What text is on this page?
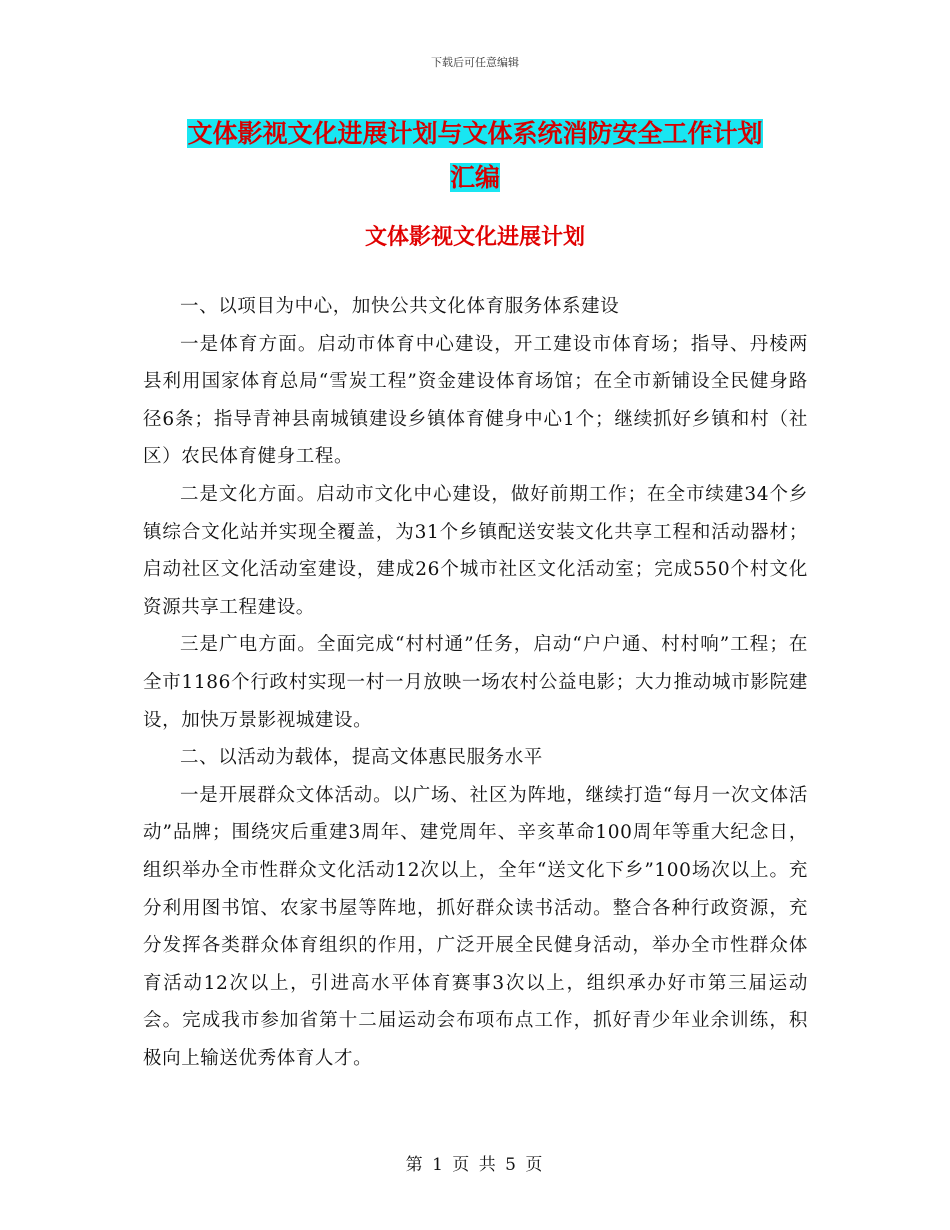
下载后可任意编辑
文体影视文化进展计划与文体系统消防安全工作计划
汇编
文体影视文化进展计划

一、以项目为中心，加快公共文化体育服务体系建设

一是体育方面。启动市体育中心建设，开工建设市体育场；指导、丹棱两县利用国家体育总局“雪炭工程”资金建设体育场馆；在全市新铺设全民健身路径6条；指导青神县南城镇建设乡镇体育健身中心1个；继续抓好乡镇和村（社区）农民体育健身工程。

二是文化方面。启动市文化中心建设，做好前期工作；在全市续建34个乡镇综合文化站并实现全覆盖，为31个乡镇配送安装文化共享工程和活动器材；启动社区文化活动室建设，建成26个城市社区文化活动室；完成550个村文化资源共享工程建设。

三是广电方面。全面完成“村村通”任务，启动“户户通、村村响”工程；在全市1186个行政村实现一村一月放映一场农村公益电影；大力推动城市影院建设，加快万景影视城建设。

二、以活动为载体，提高文体惠民服务水平

一是开展群众文体活动。以广场、社区为阵地，继续打造“每月一次文体活动”品牌；围绕灾后重建3周年、建党周年、辛亥革命100周年等重大纪念日，组织举办全市性群众文化活动12次以上，全年“送文化下乡”100场次以上。充分利用图书馆、农家书屋等阵地，抓好群众读书活动。整合各种行政资源，充分发挥各类群众体育组织的作用，广泛开展全民健身活动，举办全市性群众体育活动12次以上，引进高水平体育赛事3次以上，组织承办好市第三届运动会。完成我市参加省第十二届运动会布项布点工作，抓好青少年业余训练，积极向上输送优秀体育人才。

第 1 页 共 5 页
